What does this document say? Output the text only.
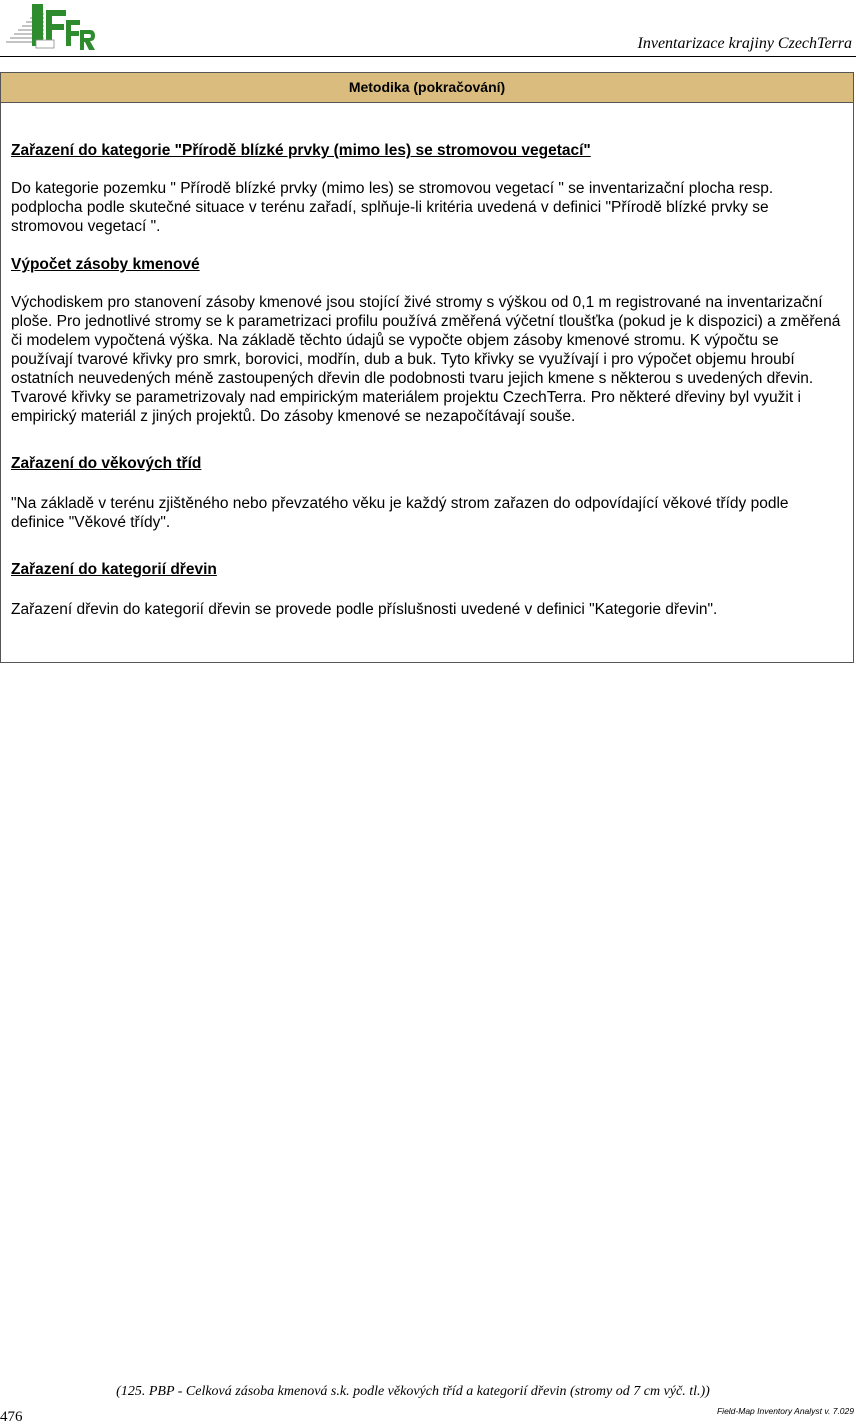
Inventarizace krajiny CzechTerra
Metodika (pokračování)

Zařazení do kategorie "Přírodě blízké prvky (mimo les) se stromovou vegetací"

Do kategorie pozemku " Přírodě blízké prvky (mimo les) se stromovou vegetací " se inventarizační plocha resp. podplocha podle skutečné situace v terénu zařadí, splňuje-li kritéria uvedená v definici "Přírodě blízké prvky se stromovou vegetací ".

Výpočet zásoby kmenové

Východiskem pro stanovení zásoby kmenové jsou stojící živé stromy s výškou od 0,1 m registrované na inventarizační ploše. Pro jednotlivé stromy se k parametrizaci profilu používá změřená výčetní tloušťka (pokud je k dispozici) a změřená či modelem vypočtená výška. Na základě těchto údajů se vypočte objem zásoby kmenové stromu. K výpočtu se používají tvarové křivky pro smrk, borovici, modřín, dub a buk. Tyto křivky se využívají i pro výpočet objemu hroubí ostatních neuvedených méně zastoupených dřevin dle podobnosti tvaru jejich kmene s některou s uvedených dřevin. Tvarové křivky se parametrizovaly nad empirickým materiálem projektu CzechTerra. Pro některé dřeviny byl využit i empirický materiál z jiných projektů. Do zásoby kmenové se nezapočítávají souše.

Zařazení do věkových tříd

"Na základě v terénu zjištěného nebo převzatého věku je každý strom zařazen do odpovídající věkové třídy podle definice "Věkové třídy".

Zařazení do kategorií dřevin

Zařazení dřevin do kategorií dřevin se provede podle příslušnosti uvedené v definici "Kategorie dřevin".

(125. PBP - Celková zásoba kmenová s.k. podle věkových tříd a kategorií dřevin (stromy od 7 cm výč. tl.))
476	Field-Map Inventory Analyst v. 7.029
